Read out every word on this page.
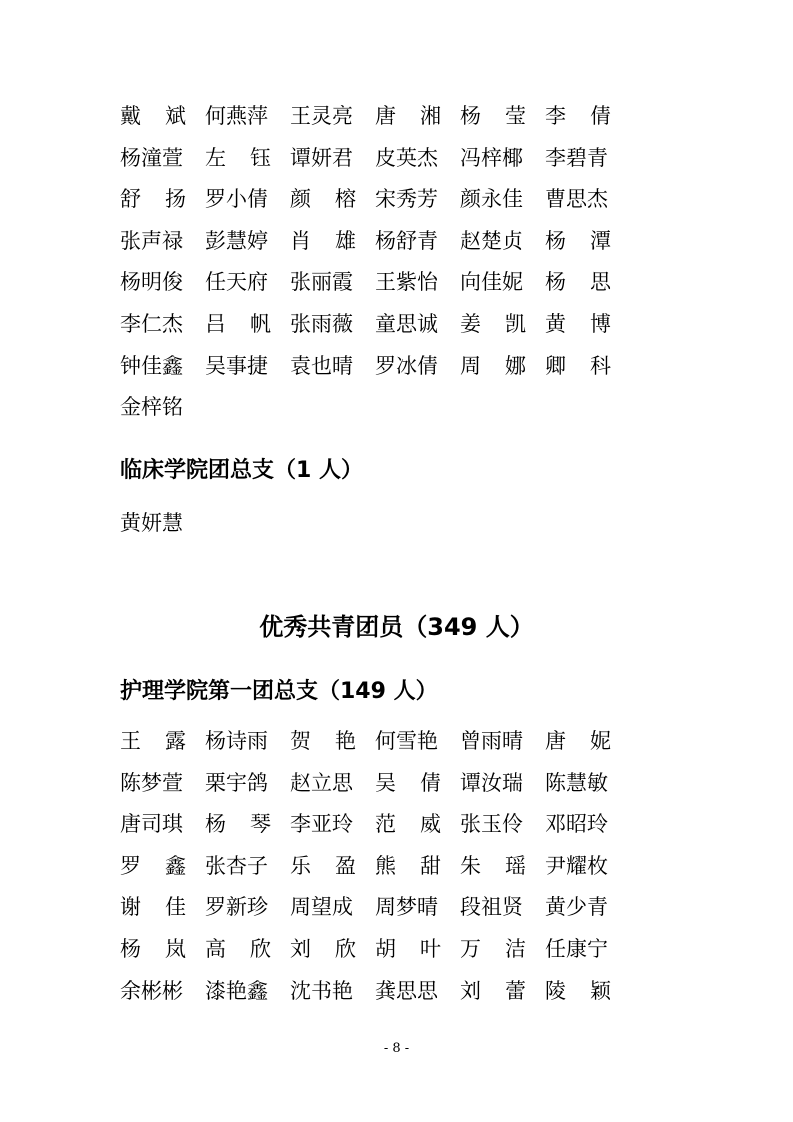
戴 斌 何燕萍 王灵亮 唐 湘 杨 莹 李 倩
杨潼萱 左 钰 谭妍君 皮英杰 冯梓椰 李碧青
舒 扬 罗小倩 颜 榕 宋秀芳 颜永佳 曹思杰
张声禄 彭慧婷 肖 雄 杨舒青 赵楚贞 杨 潭
杨明俊 任天府 张丽霞 王紫怡 向佳妮 杨 思
李仁杰 吕 帆 张雨薇 童思诚 姜 凯 黄 博
钟佳鑫 吴事捷 袁也晴 罗冰倩 周 娜 卿 科
金梓铭
临床学院团总支（1 人）
黄妍慧
优秀共青团员（349 人）
护理学院第一团总支（149 人）
王 露 杨诗雨 贺 艳 何雪艳 曾雨晴 唐 妮
陈梦萱 栗宇鸽 赵立思 吴 倩 谭汝瑞 陈慧敏
唐司琪 杨 琴 李亚玲 范 威 张玉伶 邓昭玲
罗 鑫 张杏子 乐 盈 熊 甜 朱 瑶 尹耀枚
谢 佳 罗新珍 周望成 周梦晴 段祖贤 黄少青
杨 岚 高 欣 刘 欣 胡 叶 万 洁 任康宁
余彬彬 漆艳鑫 沈书艳 龚思思 刘 蕾 陵 颖
- 8 -
